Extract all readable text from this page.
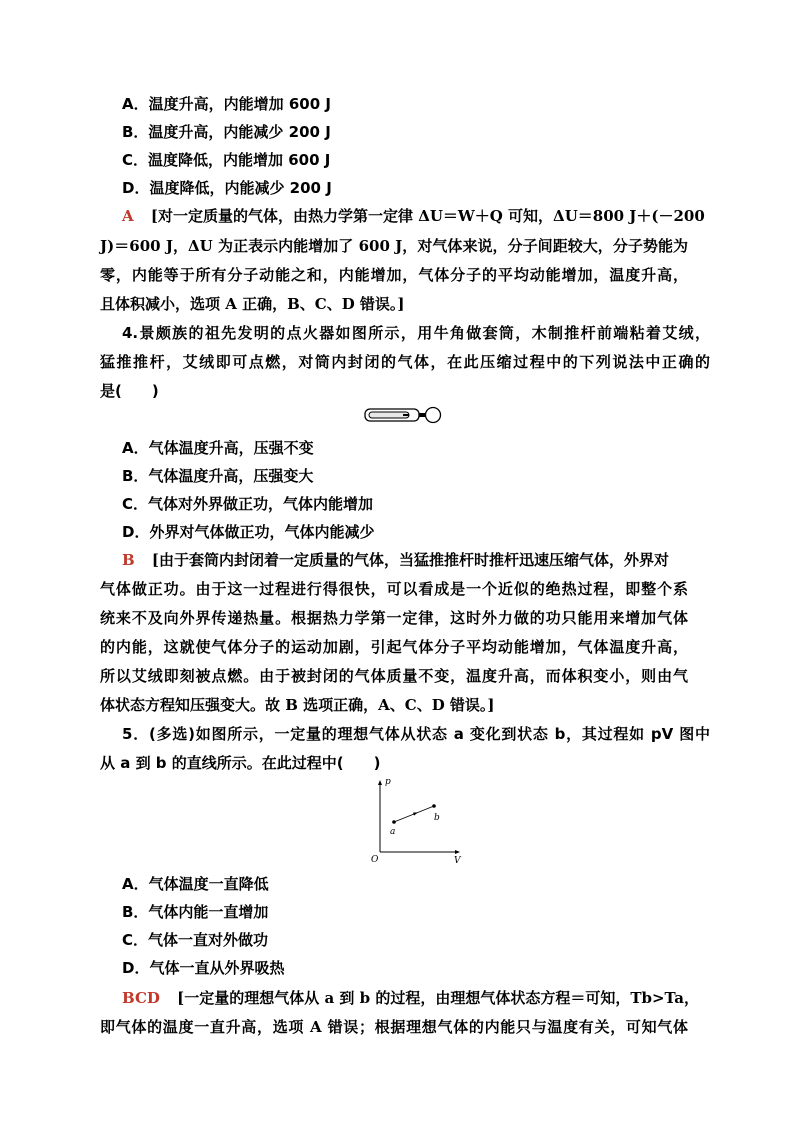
A．温度升高，内能增加 600 J
B．温度升高，内能减少 200 J
C．温度降低，内能增加 600 J
D．温度降低，内能减少 200 J
A [对一定质量的气体，由热力学第一定律 ΔU＝W＋Q 可知，ΔU＝800 J＋(－200
J)＝600 J，ΔU 为正表示内能增加了 600 J，对气体来说，分子间距较大，分子势能为
零，内能等于所有分子动能之和，内能增加，气体分子的平均动能增加，温度升高，
且体积减小，选项 A 正确，B、C、D 错误。]
4.景颇族的祖先发明的点火器如图所示，用牛角做套筒，木制推杆前端粘着艾绒，
猛推推杆，艾绒即可点燃，对筒内封闭的气体，在此压缩过程中的下列说法中正确的
是(　　)
A．气体温度升高，压强不变
B．气体温度升高，压强变大
C．气体对外界做正功，气体内能增加
D．外界对气体做正功，气体内能减少
B [由于套筒内封闭着一定质量的气体，当猛推推杆时推杆迅速压缩气体，外界对
气体做正功。由于这一过程进行得很快，可以看成是一个近似的绝热过程，即整个系
统来不及向外界传递热量。根据热力学第一定律，这时外力做的功只能用来增加气体
的内能，这就使气体分子的运动加剧，引起气体分子平均动能增加，气体温度升高，
所以艾绒即刻被点燃。由于被封闭的气体质量不变，温度升高，而体积变小，则由气
体状态方程知压强变大。故 B 选项正确，A、C、D 错误。]
5．(多选)如图所示，一定量的理想气体从状态 a 变化到状态 b，其过程如 pV 图中
从 a 到 b 的直线所示。在此过程中(　　)
p
V
O
a
b
A．气体温度一直降低
B．气体内能一直增加
C．气体一直对外做功
D．气体一直从外界吸热
BCD [一定量的理想气体从 a 到 b 的过程，由理想气体状态方程＝可知，Tb>Ta，
即气体的温度一直升高，选项 A 错误；根据理想气体的内能只与温度有关，可知气体
